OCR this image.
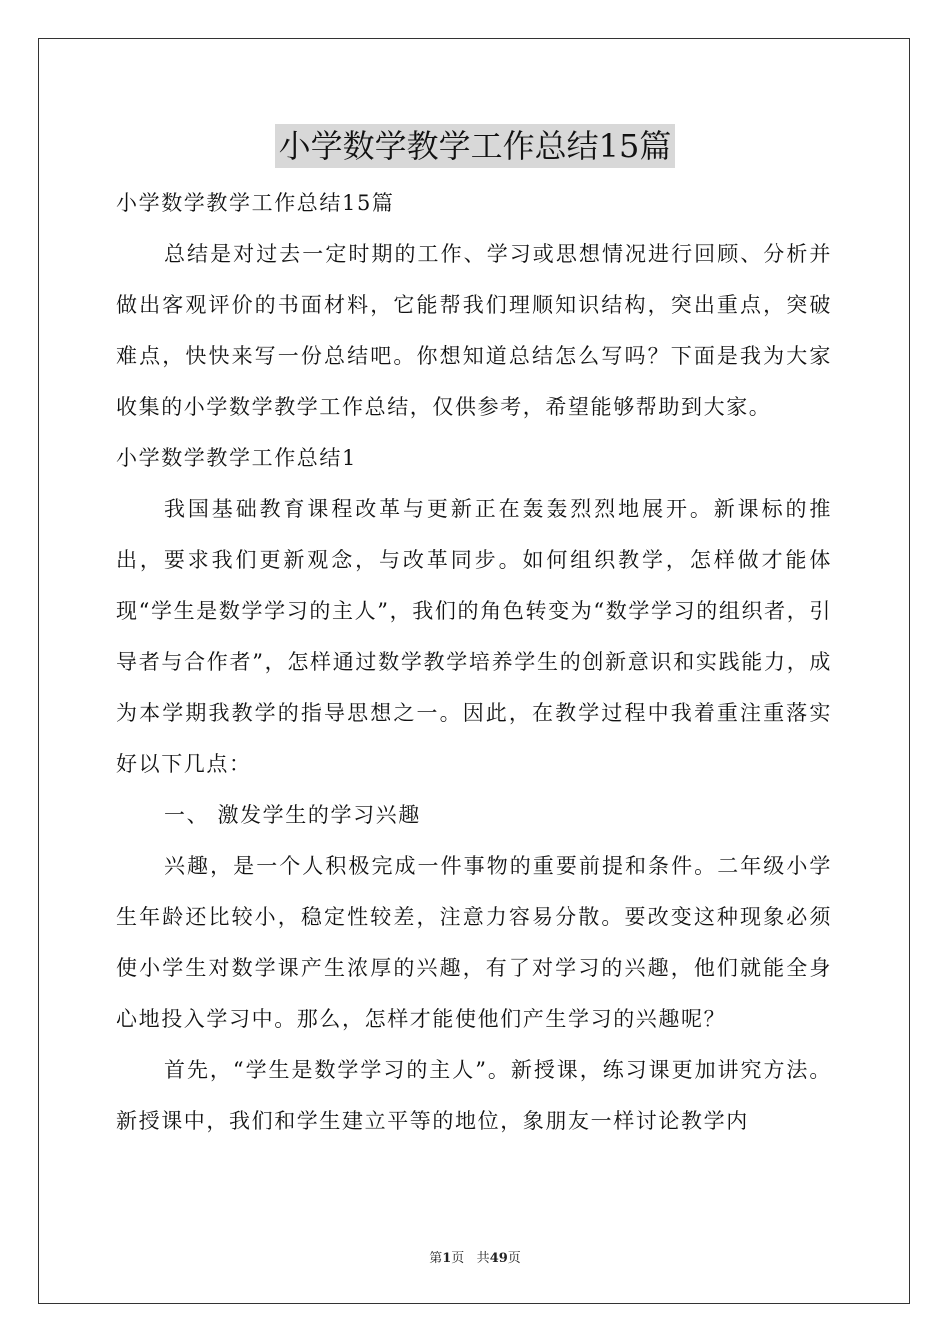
小学数学教学工作总结15篇

小学数学教学工作总结15篇

总结是对过去一定时期的工作、学习或思想情况进行回顾、分析并做出客观评价的书面材料，它能帮我们理顺知识结构，突出重点，突破难点，快快来写一份总结吧。你想知道总结怎么写吗？下面是我为大家收集的小学数学教学工作总结，仅供参考，希望能够帮助到大家。

小学数学教学工作总结1

我国基础教育课程改革与更新正在轰轰烈烈地展开。新课标的推出，要求我们更新观念，与改革同步。如何组织教学，怎样做才能体现“学生是数学学习的主人”，我们的角色转变为“数学学习的组织者，引导者与合作者”，怎样通过数学教学培养学生的创新意识和实践能力，成为本学期我教学的指导思想之一。因此，在教学过程中我着重注重落实好以下几点：

一、 激发学生的学习兴趣

兴趣，是一个人积极完成一件事物的重要前提和条件。二年级小学生年龄还比较小，稳定性较差，注意力容易分散。要改变这种现象必须使小学生对数学课产生浓厚的兴趣，有了对学习的兴趣，他们就能全身心地投入学习中。那么，怎样才能使他们产生学习的兴趣呢？

首先，“学生是数学学习的主人”。新授课，练习课更加讲究方法。新授课中，我们和学生建立平等的地位，象朋友一样讨论教学内

第1页 共49页
